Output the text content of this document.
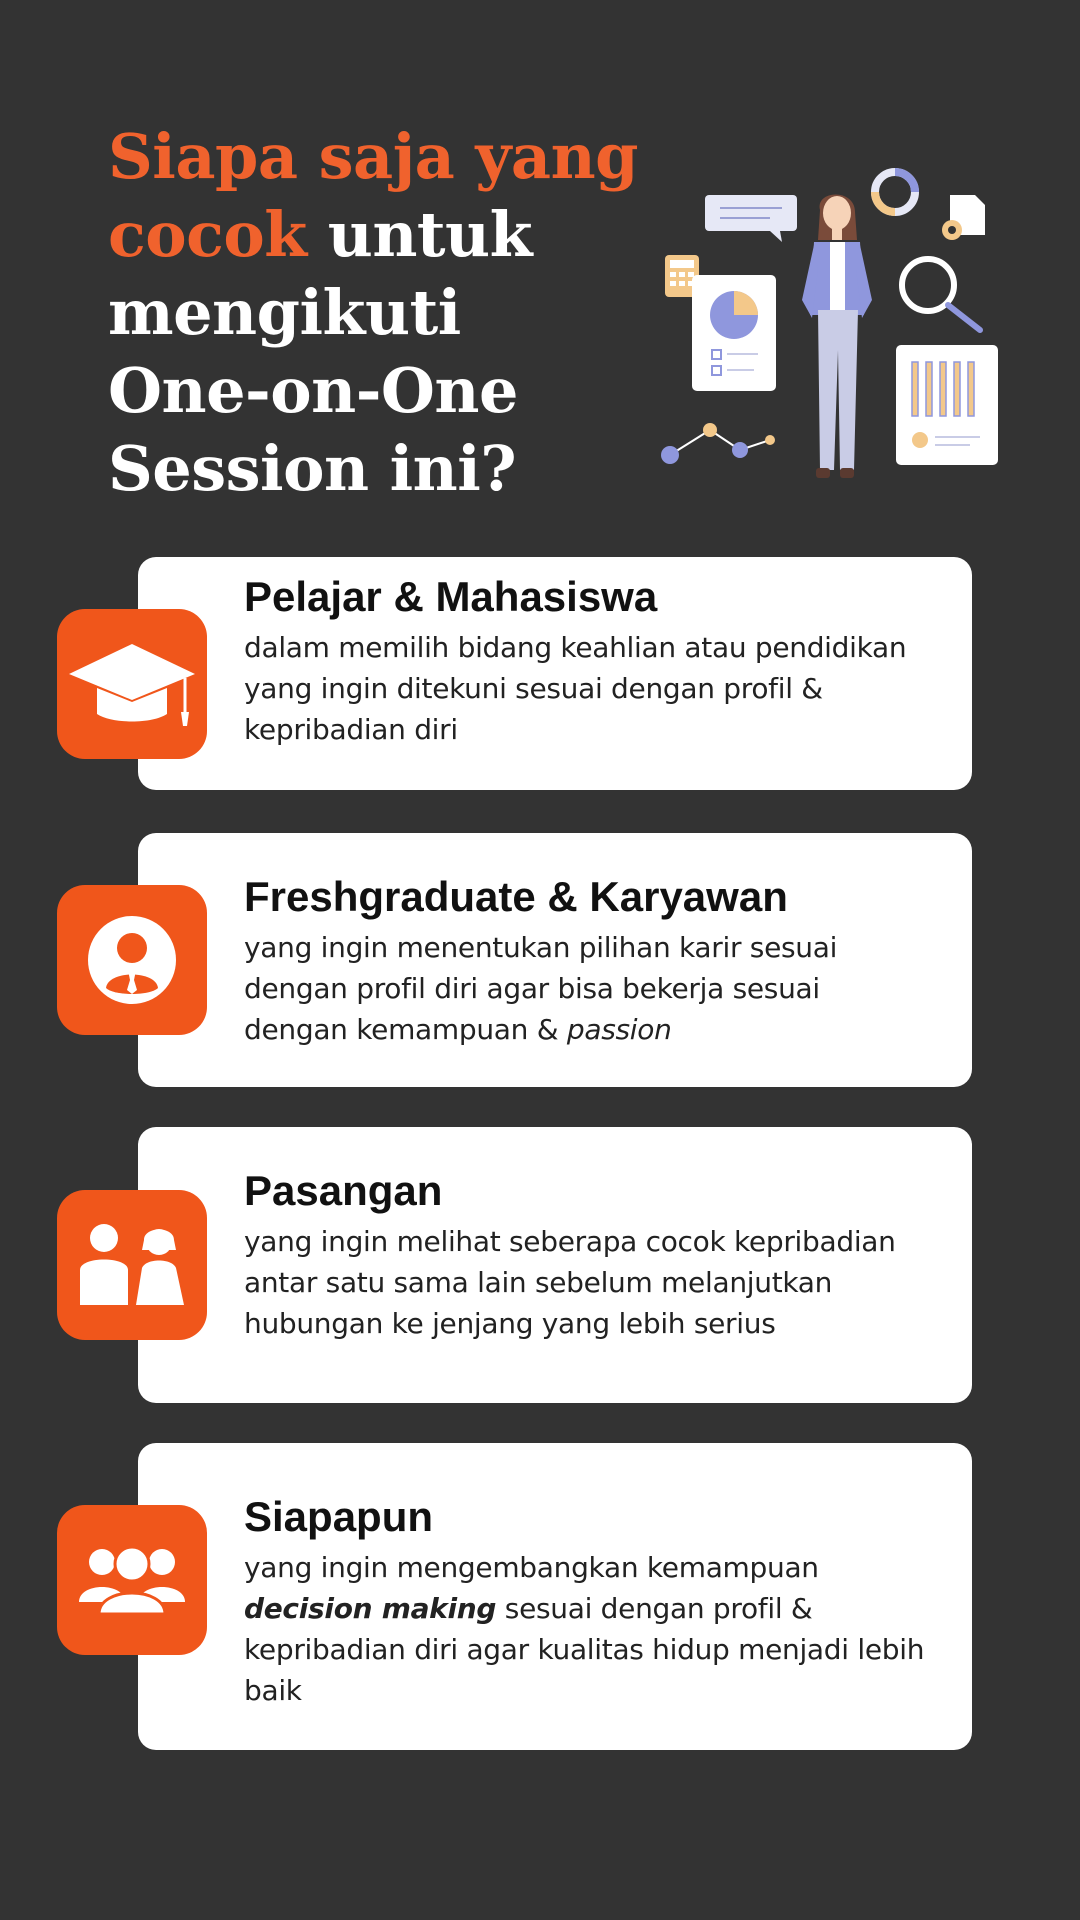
Siapa saja yang cocok untuk
mengikuti
One-on-One
Session ini?
Pelajar & Mahasiswa

dalam memilih bidang keahlian atau pendidikan yang ingin ditekuni sesuai dengan profil & kepribadian diri

Freshgraduate & Karyawan

yang ingin menentukan pilihan karir sesuai dengan profil diri agar bisa bekerja sesuai dengan kemampuan & passion

Pasangan

yang ingin melihat seberapa cocok kepribadian antar satu sama lain sebelum melanjutkan hubungan ke jenjang yang lebih serius

Siapapun

yang ingin mengembangkan kemampuan decision making sesuai dengan profil & kepribadian diri agar kualitas hidup menjadi lebih baik
